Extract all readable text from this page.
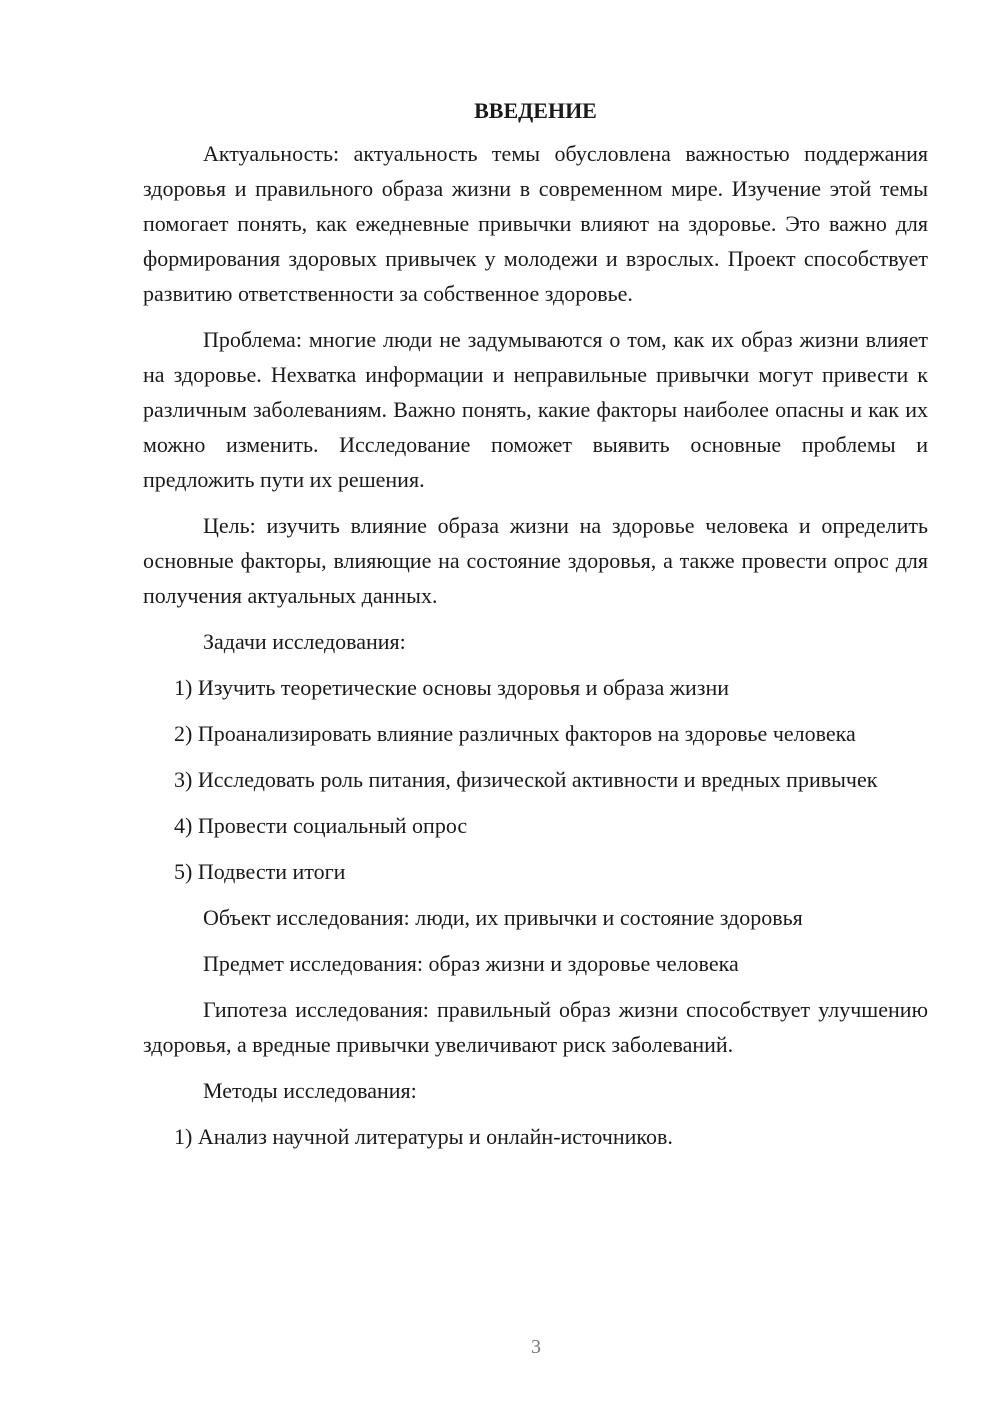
ВВЕДЕНИЕ

Актуальность: актуальность темы обусловлена важностью поддержания здоровья и правильного образа жизни в современном мире. Изучение этой темы помогает понять, как ежедневные привычки влияют на здоровье. Это важно для формирования здоровых привычек у молодежи и взрослых. Проект способствует развитию ответственности за собственное здоровье.

Проблема: многие люди не задумываются о том, как их образ жизни влияет на здоровье. Нехватка информации и неправильные привычки могут привести к различным заболеваниям. Важно понять, какие факторы наиболее опасны и как их можно изменить. Исследование поможет выявить основные проблемы и предложить пути их решения.

Цель: изучить влияние образа жизни на здоровье человека и определить основные факторы, влияющие на состояние здоровья, а также провести опрос для получения актуальных данных.

Задачи исследования:

1) Изучить теоретические основы здоровья и образа жизни

2) Проанализировать влияние различных факторов на здоровье человека

3) Исследовать роль питания, физической активности и вредных привычек

4) Провести социальный опрос

5) Подвести итоги

Объект исследования: люди, их привычки и состояние здоровья

Предмет исследования: образ жизни и здоровье человека

Гипотеза исследования: правильный образ жизни способствует улучшению здоровья, а вредные привычки увеличивают риск заболеваний.

Методы исследования:

1) Анализ научной литературы и онлайн-источников.

3
